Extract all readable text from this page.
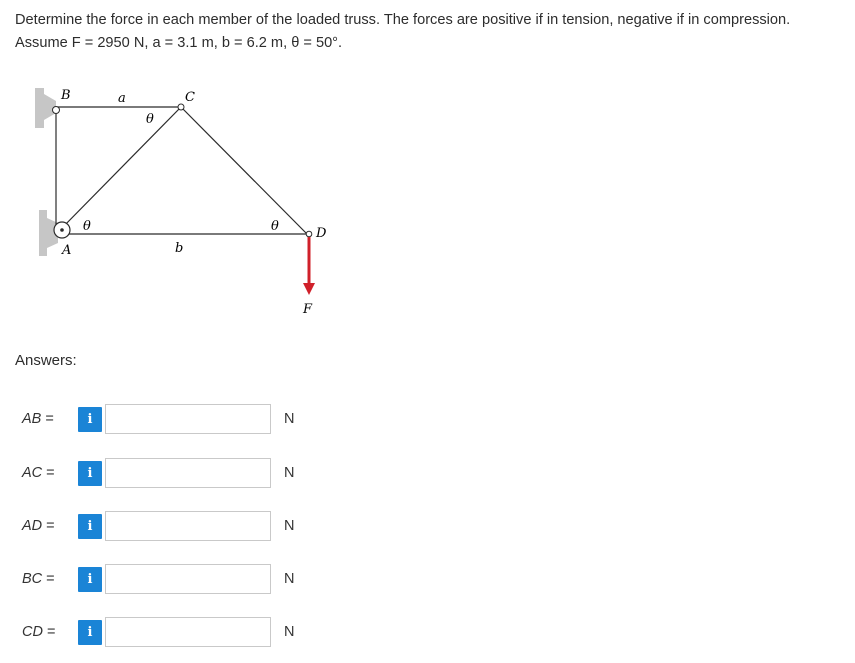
Determine the force in each member of the loaded truss. The forces are positive if in tension, negative if in compression.
Assume F = 2950 N, a = 3.1 m, b = 6.2 m, θ = 50°.
B	a	C
θ
θ	θ	D
A	b
F
Answers:
AB =	i	N
AC =	i	N
AD =	i	N
BC =	i	N
CD =	i	N
